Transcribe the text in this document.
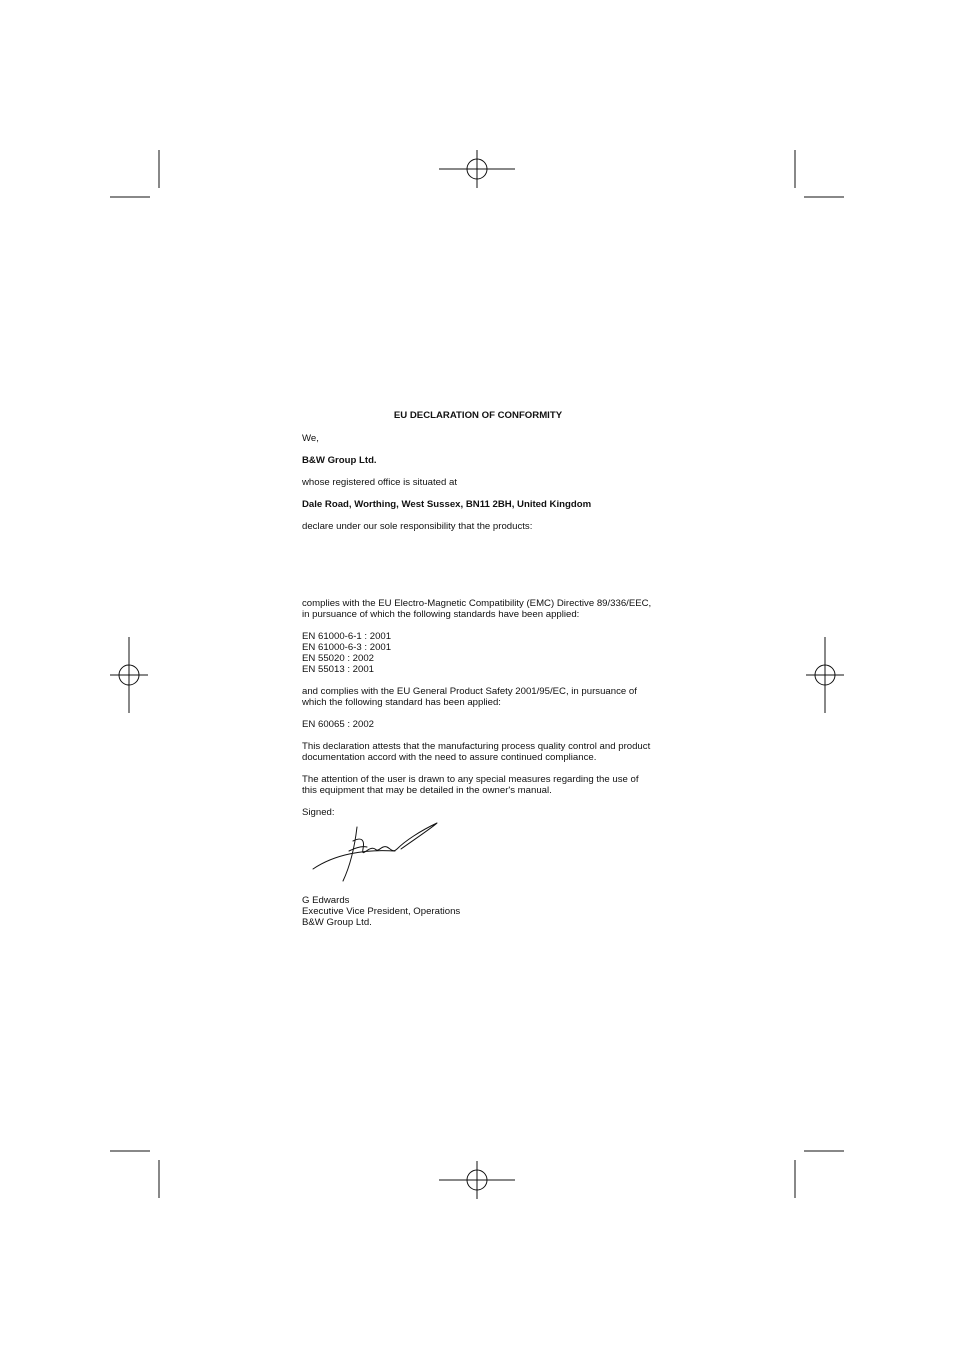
EU DECLARATION OF CONFORMITY

We,

B&W Group Ltd.

whose registered office is situated at

Dale Road, Worthing, West Sussex, BN11 2BH, United Kingdom

declare under our sole responsibility that the products:

complies with the EU Electro-Magnetic Compatibility (EMC) Directive 89/336/EEC,

in pursuance of which the following standards have been applied:

EN 61000-6-1 : 2001

EN 61000-6-3 : 2001

EN 55020 : 2002

EN 55013 : 2001

and complies with the EU General Product Safety 2001/95/EC, in pursuance of

which the following standard has been applied:

EN 60065 : 2002

This declaration attests that the manufacturing process quality control and product

documentation accord with the need to assure continued compliance.

The attention of the user is drawn to any special measures regarding the use of

this equipment that may be detailed in the owner's manual.

Signed:

G Edwards

Executive Vice President, Operations

B&W Group Ltd.
